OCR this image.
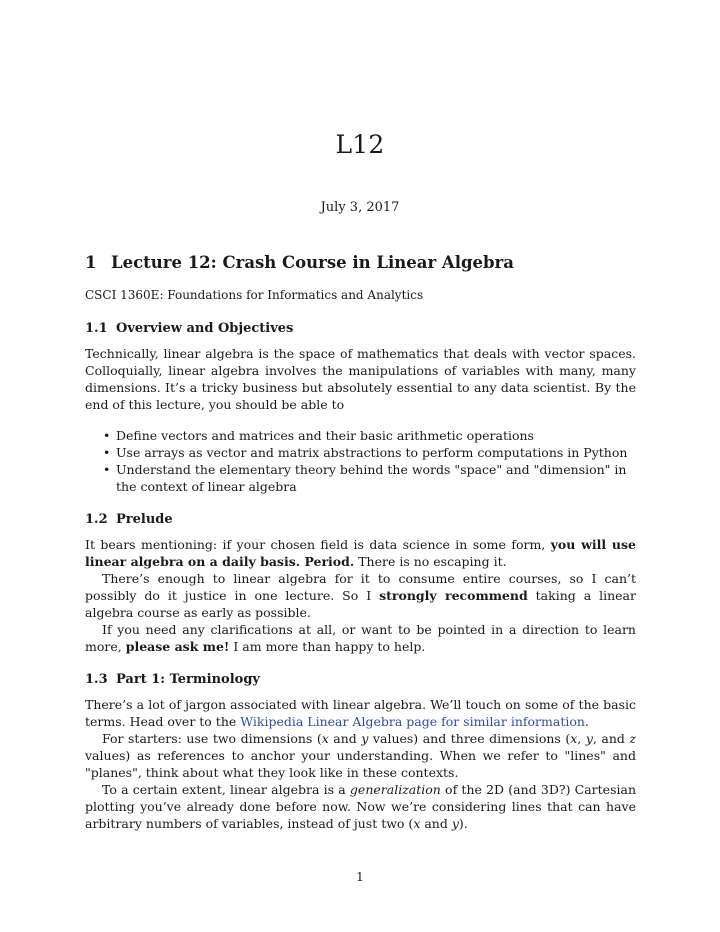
L12
July 3, 2017
1 Lecture 12: Crash Course in Linear Algebra
CSCI 1360E: Foundations for Informatics and Analytics
1.1 Overview and Objectives

Technically, linear algebra is the space of mathematics that deals with vector spaces. Colloquially, linear algebra involves the manipulations of variables with many, many dimensions. It’s a tricky business but absolutely essential to any data scientist. By the end of this lecture, you should be able to

• Define vectors and matrices and their basic arithmetic operations
• Use arrays as vector and matrix abstractions to perform computations in Python
• Understand the elementary theory behind the words "space" and "dimension" in the context of linear algebra
1.2 Prelude

It bears mentioning: if your chosen field is data science in some form, you will use linear algebra on a daily basis. Period. There is no escaping it.

There’s enough to linear algebra for it to consume entire courses, so I can’t possibly do it justice in one lecture. So I strongly recommend taking a linear algebra course as early as possible.

If you need any clarifications at all, or want to be pointed in a direction to learn more, please ask me! I am more than happy to help.

1.3 Part 1: Terminology

There’s a lot of jargon associated with linear algebra. We’ll touch on some of the basic terms. Head over to the Wikipedia Linear Algebra page for similar information.

For starters: use two dimensions (x and y values) and three dimensions (x, y, and z values) as references to anchor your understanding. When we refer to "lines" and "planes", think about what they look like in these contexts.

To a certain extent, linear algebra is a generalization of the 2D (and 3D?) Cartesian plotting you’ve already done before now. Now we’re considering lines that can have arbitrary numbers of variables, instead of just two (x and y).

1
